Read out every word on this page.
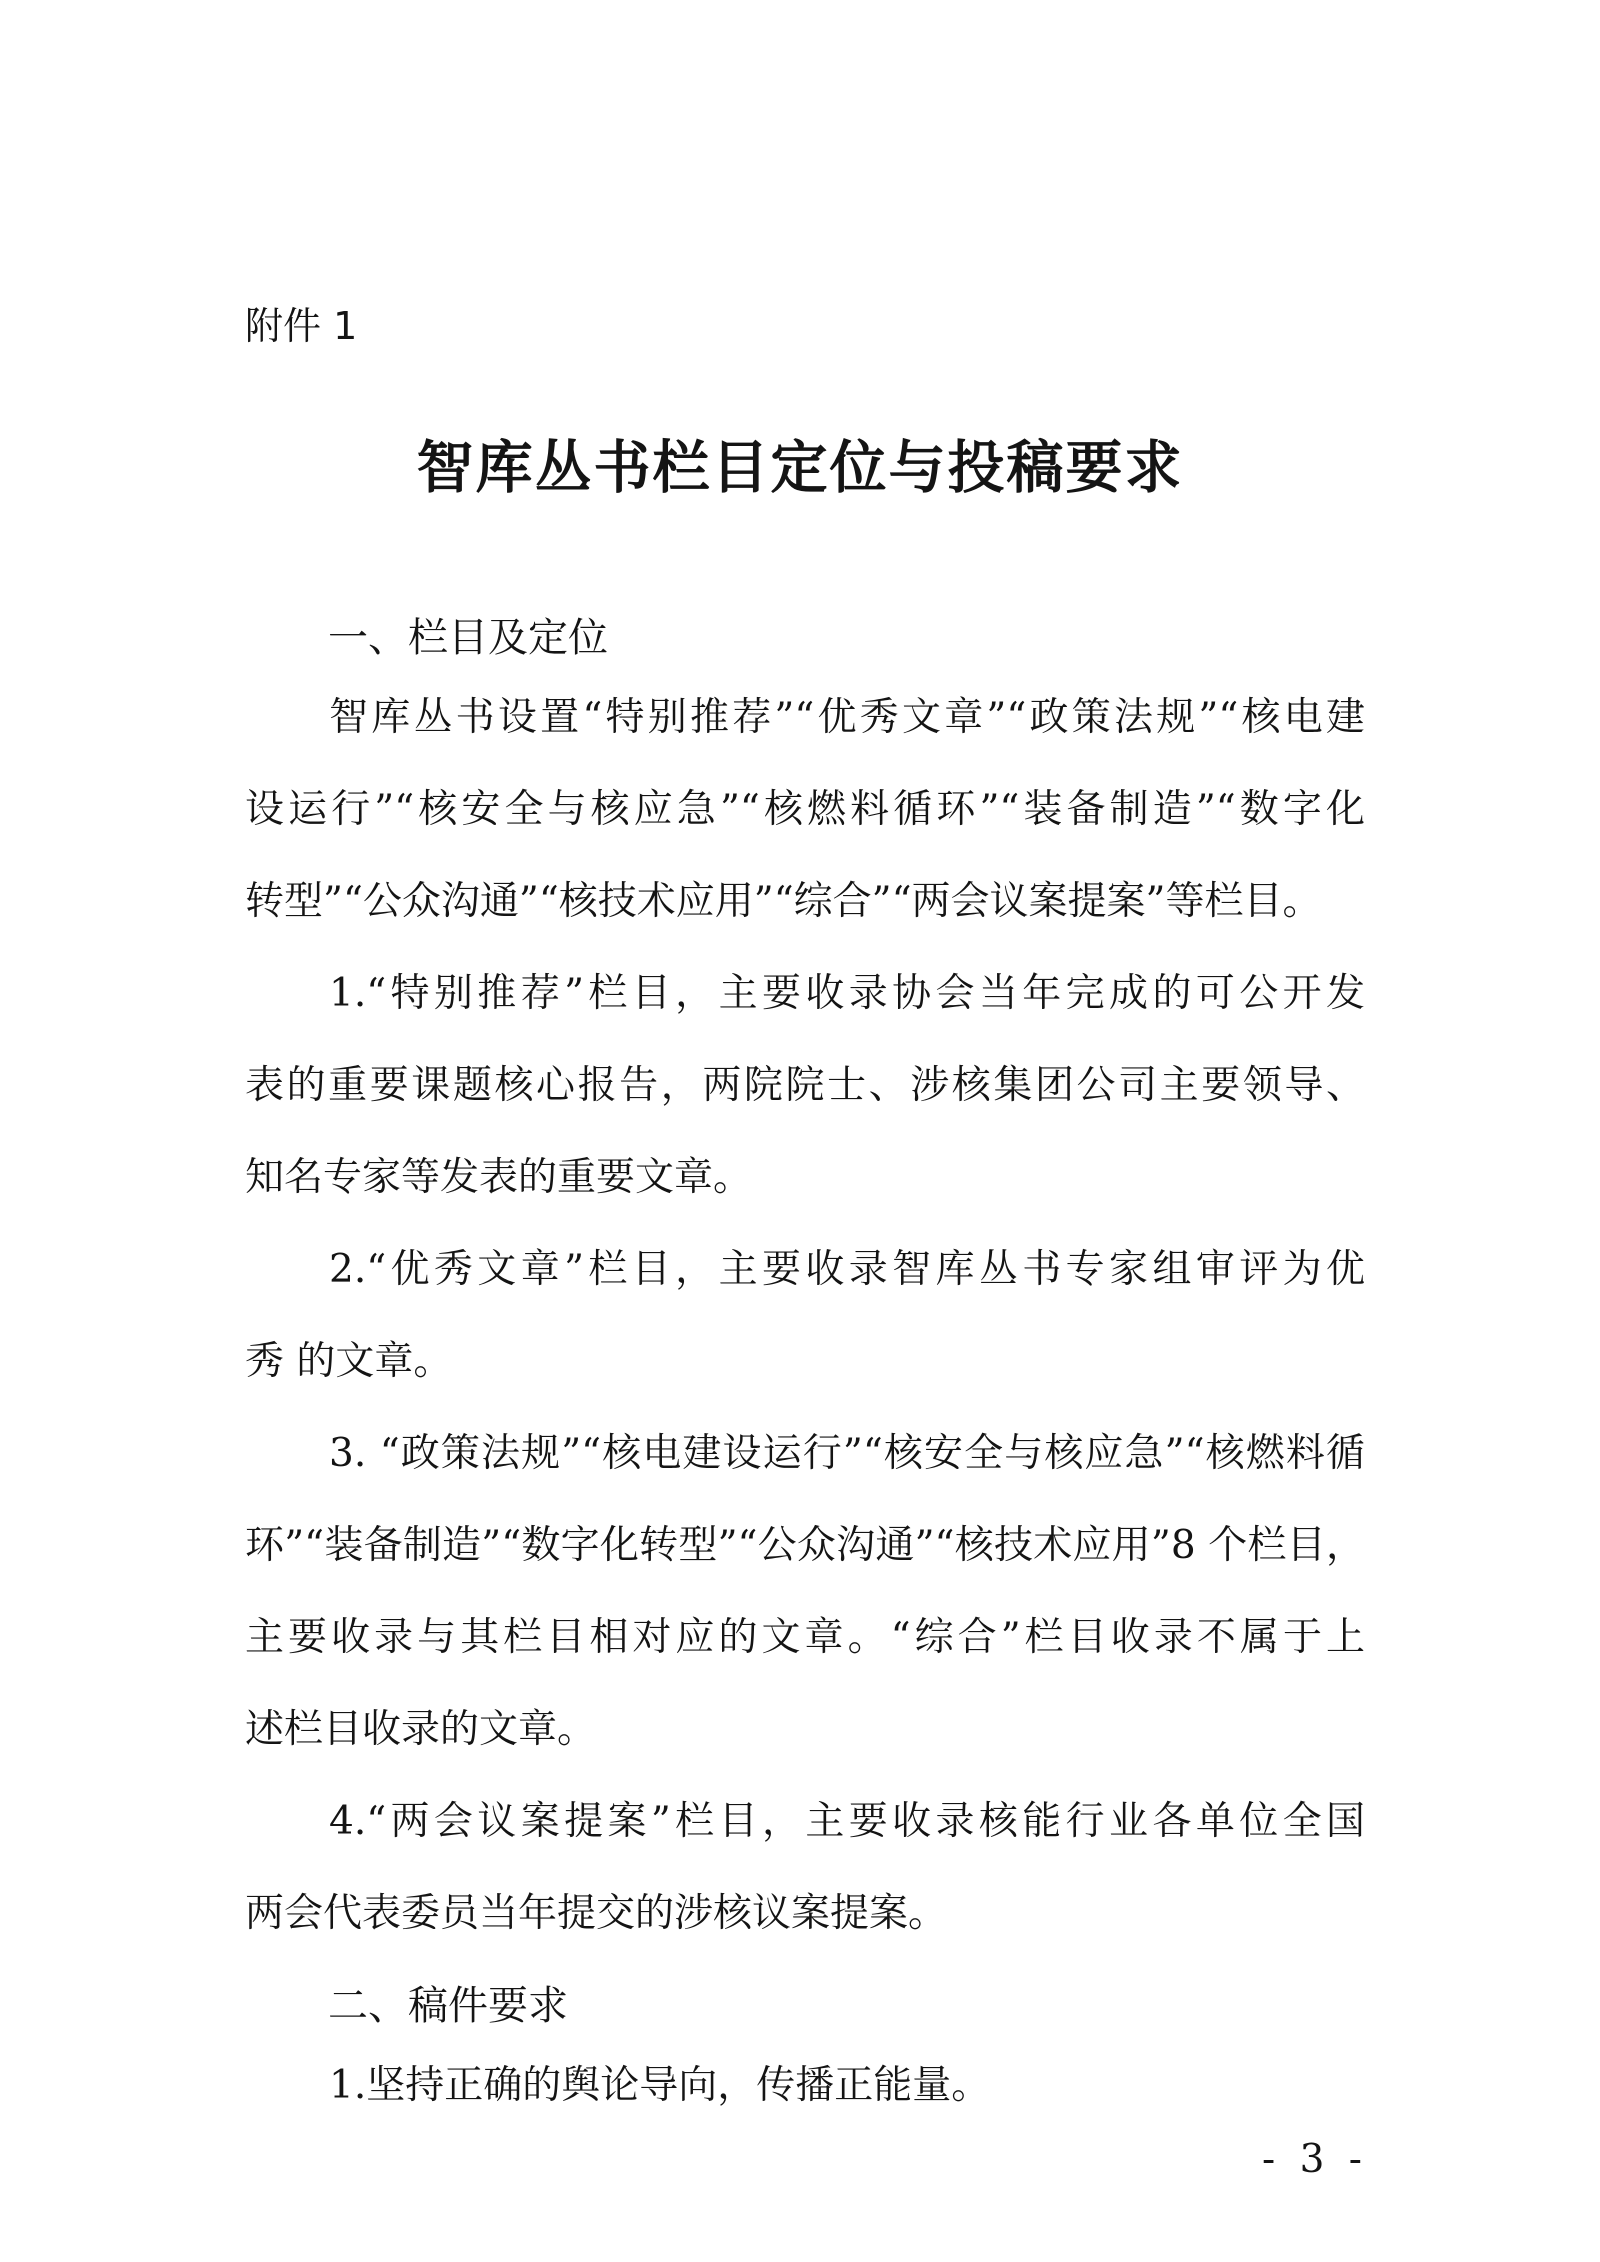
附件 1
智库丛书栏目定位与投稿要求
一、栏目及定位
智库丛书设置“特别推荐”“优秀文章”“政策法规”“核电建
设运行”“核安全与核应急”“核燃料循环”“装备制造”“数字化
转型”“公众沟通”“核技术应用”“综合”“两会议案提案”等栏目。
1.“特别推荐”栏目，主要收录协会当年完成的可公开发
表的重要课题核心报告，两院院士、涉核集团公司主要领导、
知名专家等发表的重要文章。
2.“优秀文章”栏目，主要收录智库丛书专家组审评为优
秀 的文章。
3. “政策法规”“核电建设运行”“核安全与核应急”“核燃料循
环”“装备制造”“数字化转型”“公众沟通”“核技术应用”8 个栏目，
主要收录与其栏目相对应的文章。“综合”栏目收录不属于上
述栏目收录的文章。
4.“两会议案提案”栏目，主要收录核能行业各单位全国
两会代表委员当年提交的涉核议案提案。
二、稿件要求
1.坚持正确的舆论导向，传播正能量。
- 3 -
